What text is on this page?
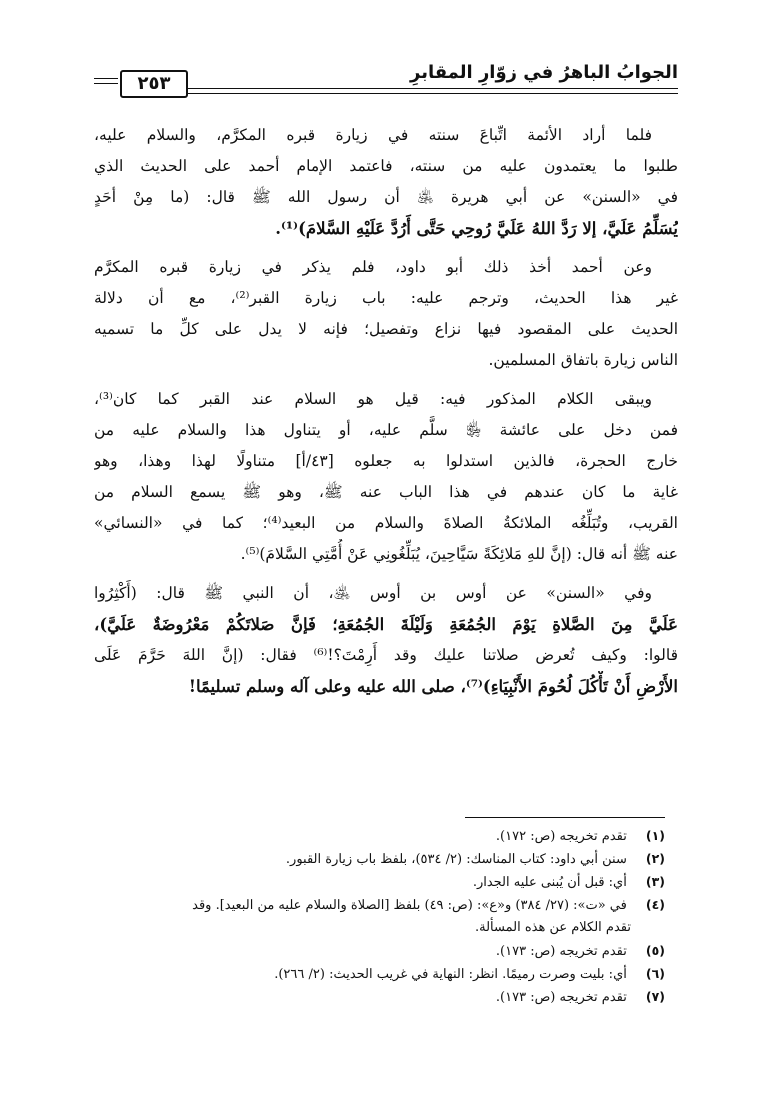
الجوابُ الباهرُ في زوّارِ المقابرِ
٢٥٣
فلما أراد الأئمة اتِّباعَ سنته في زيارة قبره المكرَّم، والسلام عليه،
طلبوا ما يعتمدون عليه من سنته، فاعتمد الإمام أحمد على الحديث الذي
في «السنن» عن أبي هريرة ﵁ أن رسول الله ﷺ قال: (ما مِنْ أحَدٍ
يُسَلِّمُ عَلَيَّ، إلا رَدَّ اللهُ عَلَيَّ رُوحِي حَتَّى أَرُدَّ عَلَيْهِ السَّلامَ)⁽¹⁾.
وعن أحمد أخذ ذلك أبو داود، فلم يذكر في زيارة قبره المكرَّم
غير هذا الحديث، وترجم عليه: باب زيارة القبر⁽²⁾، مع أن دلالة
الحديث على المقصود فيها نزاع وتفصيل؛ فإنه لا يدل على كلِّ ما تسميه
الناس زيارة باتفاق المسلمين.
ويبقى الكلام المذكور فيه: قيل هو السلام عند القبر كما كان⁽³⁾،
فمن دخل على عائشة ﵂ سلَّم عليه، أو يتناول هذا والسلام عليه من
خارج الحجرة، فالذين استدلوا به جعلوه [٤٣/أ] متناولًا لهذا وهذا، وهو
غاية ما كان عندهم في هذا الباب عنه ﷺ، وهو ﷺ يسمع السلام من
القريب، وتُبَلِّغُه الملائكةُ الصلاةَ والسلام من البعيد⁽⁴⁾؛ كما في «النسائي»
عنه ﷺ أنه قال: (إنَّ للهِ مَلائِكَةً سَيَّاحِينَ، يُبَلِّغُونِي عَنْ أُمَّتِي السَّلامَ)⁽⁵⁾.
وفي «السنن» عن أوس بن أوس ﵁، أن النبي ﷺ قال: (أَكْثِرُوا
عَلَيَّ مِنَ الصَّلاةِ يَوْمَ الجُمُعَةِ وَلَيْلَةَ الجُمُعَةِ؛ فَإنَّ صَلاتَكُمْ مَعْرُوضَةٌ عَلَيَّ)،
قالوا: وكيف تُعرض صلاتنا عليك وقد أَرِمْتَ؟!⁽⁶⁾ فقال: (إنَّ اللهَ حَرَّمَ عَلَى
الأَرْضِ أَنْ تَأْكُلَ لُحُومَ الأَنْبِيَاءِ)⁽⁷⁾، صلى الله عليه وعلى آله وسلم تسليمًا!
(١) تقدم تخريجه (ص: ١٧٢).
(٢) سنن أبي داود: كتاب المناسك: (٢/ ٥٣٤)، بلفظ باب زيارة القبور.
(٣) أي: قبل أن يُبنى عليه الجدار.
(٤) في «ت»: (٢٧/ ٣٨٤) و«ع»: (ص: ٤٩) بلفظ [الصلاة والسلام عليه من البعيد]. وقد
تقدم الكلام عن هذه المسألة.
(٥) تقدم تخريجه (ص: ١٧٣).
(٦) أي: بليت وصرت رميمًا. انظر: النهاية في غريب الحديث: (٢/ ٢٦٦).
(٧) تقدم تخريجه (ص: ١٧٣).
